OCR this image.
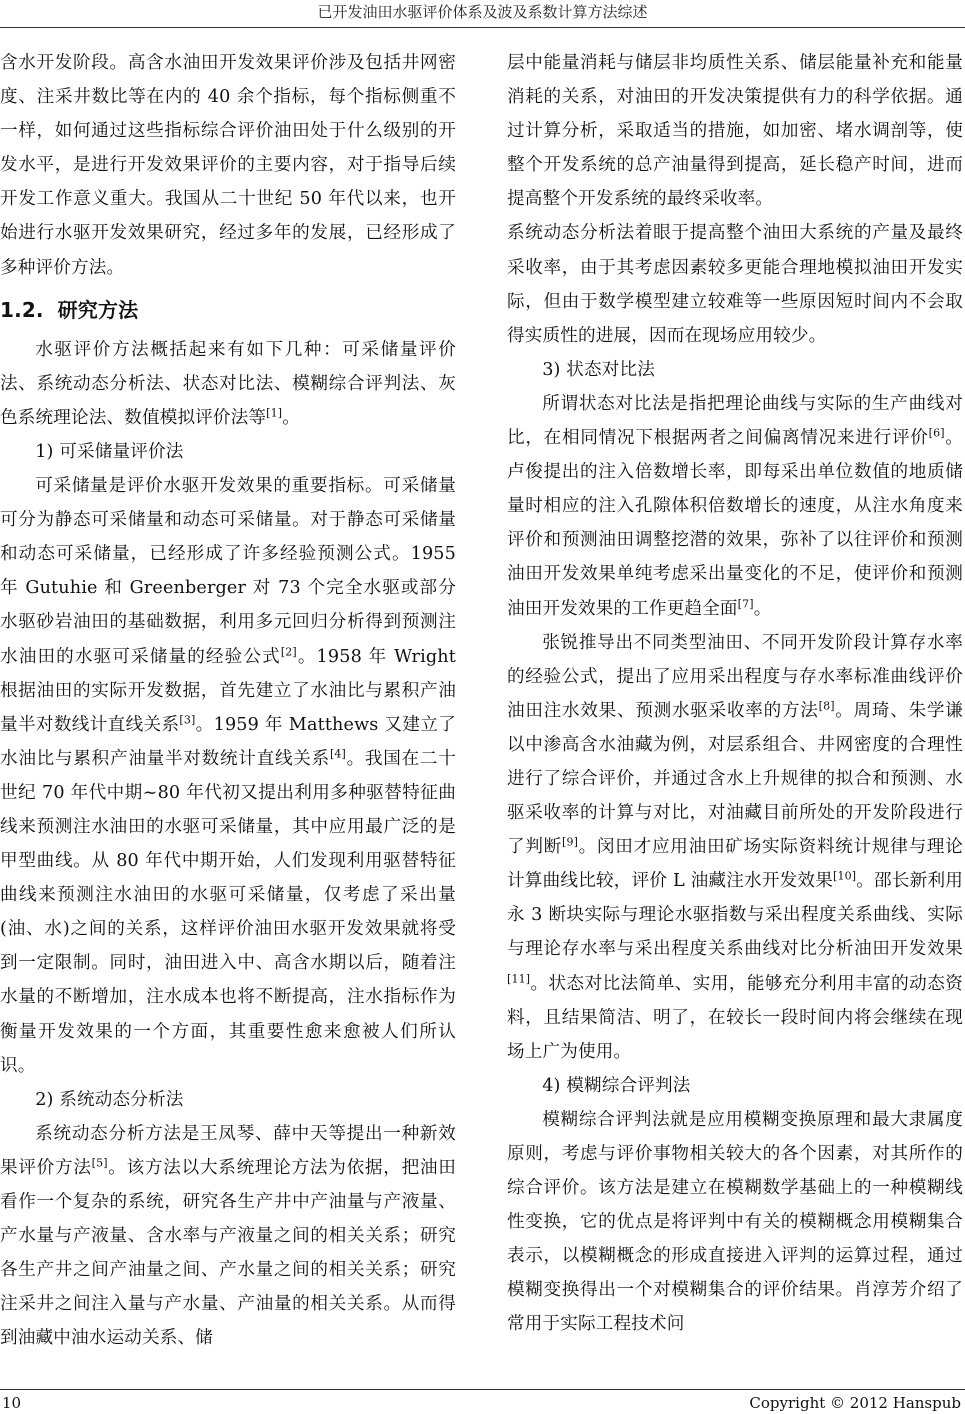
已开发油田水驱评价体系及波及系数计算方法综述

含水开发阶段。高含水油田开发效果评价涉及包括井网密度、注采井数比等在内的 40 余个指标，每个指标侧重不一样，如何通过这些指标综合评价油田处于什么级别的开发水平，是进行开发效果评价的主要内容，对于指导后续开发工作意义重大。我国从二十世纪 50 年代以来，也开始进行水驱开发效果研究，经过多年的发展，已经形成了多种评价方法。

1.2. 研究方法

水驱评价方法概括起来有如下几种：可采储量评价法、系统动态分析法、状态对比法、模糊综合评判法、灰色系统理论法、数值模拟评价法等[1]。

1) 可采储量评价法

可采储量是评价水驱开发效果的重要指标。可采储量可分为静态可采储量和动态可采储量。对于静态可采储量和动态可采储量，已经形成了许多经验预测公式。1955 年 Gutuhie 和 Greenberger 对 73 个完全水驱或部分水驱砂岩油田的基础数据，利用多元回归分析得到预测注水油田的水驱可采储量的经验公式[2]。1958 年 Wright 根据油田的实际开发数据，首先建立了水油比与累积产油量半对数线计直线关系[3]。1959 年 Matthews 又建立了水油比与累积产油量半对数统计直线关系[4]。我国在二十世纪 70 年代中期~80 年代初又提出利用多种驱替特征曲线来预测注水油田的水驱可采储量，其中应用最广泛的是甲型曲线。从 80 年代中期开始，人们发现利用驱替特征曲线来预测注水油田的水驱可采储量，仅考虑了采出量(油、水)之间的关系，这样评价油田水驱开发效果就将受到一定限制。同时，油田进入中、高含水期以后，随着注水量的不断增加，注水成本也将不断提高，注水指标作为衡量开发效果的一个方面，其重要性愈来愈被人们所认识。

2) 系统动态分析法

系统动态分析方法是王凤琴、薛中天等提出一种新效果评价方法[5]。该方法以大系统理论方法为依据，把油田看作一个复杂的系统，研究各生产井中产油量与产液量、产水量与产液量、含水率与产液量之间的相关关系；研究各生产井之间产油量之间、产水量之间的相关关系；研究注采井之间注入量与产水量、产油量的相关关系。从而得到油藏中油水运动关系、储

层中能量消耗与储层非均质性关系、储层能量补充和能量消耗的关系，对油田的开发决策提供有力的科学依据。通过计算分析，采取适当的措施，如加密、堵水调剖等，使整个开发系统的总产油量得到提高，延长稳产时间，进而提高整个开发系统的最终采收率。

系统动态分析法着眼于提高整个油田大系统的产量及最终采收率，由于其考虑因素较多更能合理地模拟油田开发实际，但由于数学模型建立较难等一些原因短时间内不会取得实质性的进展，因而在现场应用较少。

3) 状态对比法

所谓状态对比法是指把理论曲线与实际的生产曲线对比，在相同情况下根据两者之间偏离情况来进行评价[6]。卢俊提出的注入倍数增长率，即每采出单位数值的地质储量时相应的注入孔隙体积倍数增长的速度，从注水角度来评价和预测油田调整挖潜的效果，弥补了以往评价和预测油田开发效果单纯考虑采出量变化的不足，使评价和预测油田开发效果的工作更趋全面[7]。

张锐推导出不同类型油田、不同开发阶段计算存水率的经验公式，提出了应用采出程度与存水率标准曲线评价油田注水效果、预测水驱采收率的方法[8]。周琦、朱学谦以中渗高含水油藏为例，对层系组合、井网密度的合理性进行了综合评价，并通过含水上升规律的拟合和预测、水驱采收率的计算与对比，对油藏目前所处的开发阶段进行了判断[9]。闵田才应用油田矿场实际资料统计规律与理论计算曲线比较，评价 L 油藏注水开发效果[10]。邵长新利用永 3 断块实际与理论水驱指数与采出程度关系曲线、实际与理论存水率与采出程度关系曲线对比分析油田开发效果[11]。状态对比法简单、实用，能够充分利用丰富的动态资料，且结果简洁、明了，在较长一段时间内将会继续在现场上广为使用。

4) 模糊综合评判法

模糊综合评判法就是应用模糊变换原理和最大隶属度原则，考虑与评价事物相关较大的各个因素，对其所作的综合评价。该方法是建立在模糊数学基础上的一种模糊线性变换，它的优点是将评判中有关的模糊概念用模糊集合表示，以模糊概念的形成直接进入评判的运算过程，通过模糊变换得出一个对模糊集合的评价结果。肖淳芳介绍了常用于实际工程技术问

10	Copyright © 2012 Hanspub
